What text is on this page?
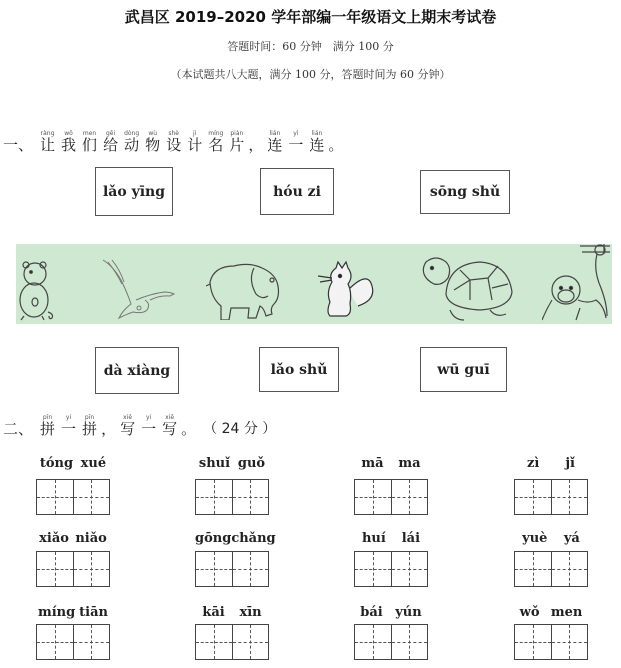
武昌区 2019–2020 学年部编一年级语文上期末考试卷
答题时间：60 分钟　满分 100 分
（本试题共八大题，满分 100 分，答题时间为 60 分钟）
一、
ràng
让
wǒ
我
men
们
gěi
给
dòng
动
wù
物
shè
设
jì
计
míng
名
piàn
片 ，
lián
连
yì
一
lián
连 。
lǎo yīng	hóu zi	sōng shǔ
dà xiàng	lǎo shǔ	wū guī
二、
pīn
拼
yi
一
pīn
拼 ，
xiě
写
yi
一
xiě
写 。 （ 24 分 ）
tóng xué	shuǐ guǒ	mā ma	zì jǐ
xiǎo niǎo	gōng chǎng	huí lái	yuè yá
míng tiān	kāi xīn	bái yún	wǒ men
